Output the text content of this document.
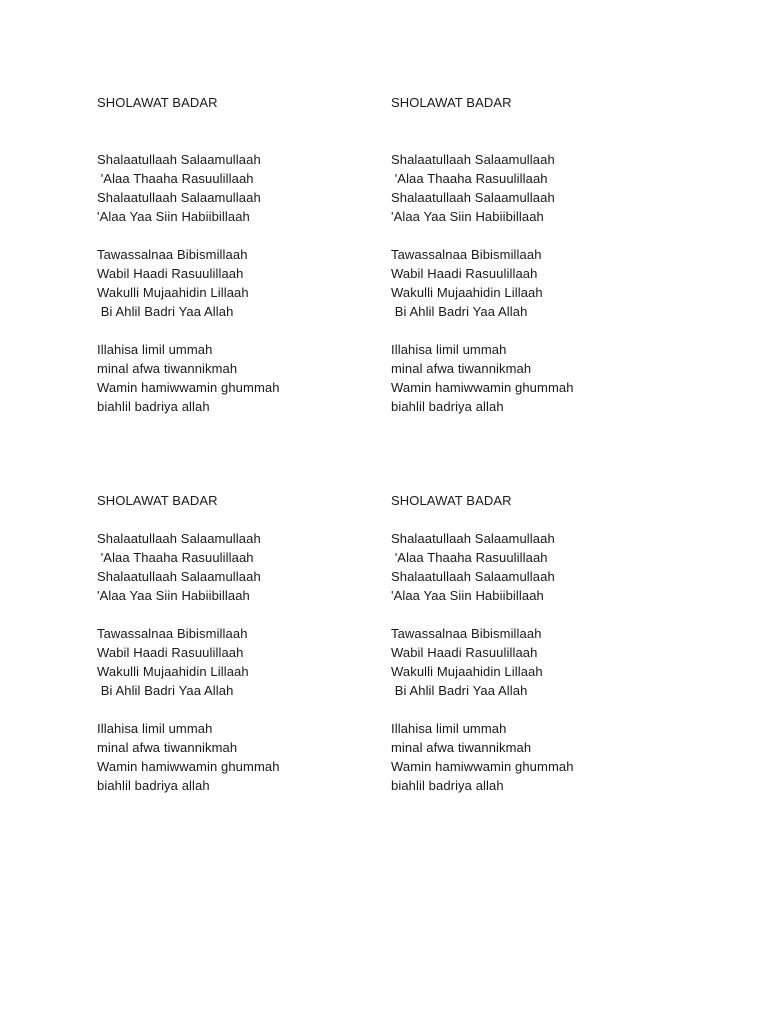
SHOLAWAT BADAR
Shalaatullaah Salaamullaah
'Alaa Thaaha Rasuulillaah
Shalaatullaah Salaamullaah
'Alaa Yaa Siin Habiibillaah
Tawassalnaa Bibismillaah
Wabil Haadi Rasuulillaah
Wakulli Mujaahidin Lillaah
Bi Ahlil Badri Yaa Allah
Illahisa limil ummah
minal afwa tiwannikmah
Wamin hamiwwamin ghummah
biahlil badriya allah
SHOLAWAT BADAR
Shalaatullaah Salaamullaah
'Alaa Thaaha Rasuulillaah
Shalaatullaah Salaamullaah
'Alaa Yaa Siin Habiibillaah
Tawassalnaa Bibismillaah
Wabil Haadi Rasuulillaah
Wakulli Mujaahidin Lillaah
Bi Ahlil Badri Yaa Allah
Illahisa limil ummah
minal afwa tiwannikmah
Wamin hamiwwamin ghummah
biahlil badriya allah
SHOLAWAT BADAR
Shalaatullaah Salaamullaah
'Alaa Thaaha Rasuulillaah
Shalaatullaah Salaamullaah
'Alaa Yaa Siin Habiibillaah
Tawassalnaa Bibismillaah
Wabil Haadi Rasuulillaah
Wakulli Mujaahidin Lillaah
Bi Ahlil Badri Yaa Allah
Illahisa limil ummah
minal afwa tiwannikmah
Wamin hamiwwamin ghummah
biahlil badriya allah
SHOLAWAT BADAR
Shalaatullaah Salaamullaah
'Alaa Thaaha Rasuulillaah
Shalaatullaah Salaamullaah
'Alaa Yaa Siin Habiibillaah
Tawassalnaa Bibismillaah
Wabil Haadi Rasuulillaah
Wakulli Mujaahidin Lillaah
Bi Ahlil Badri Yaa Allah
Illahisa limil ummah
minal afwa tiwannikmah
Wamin hamiwwamin ghummah
biahlil badriya allah
